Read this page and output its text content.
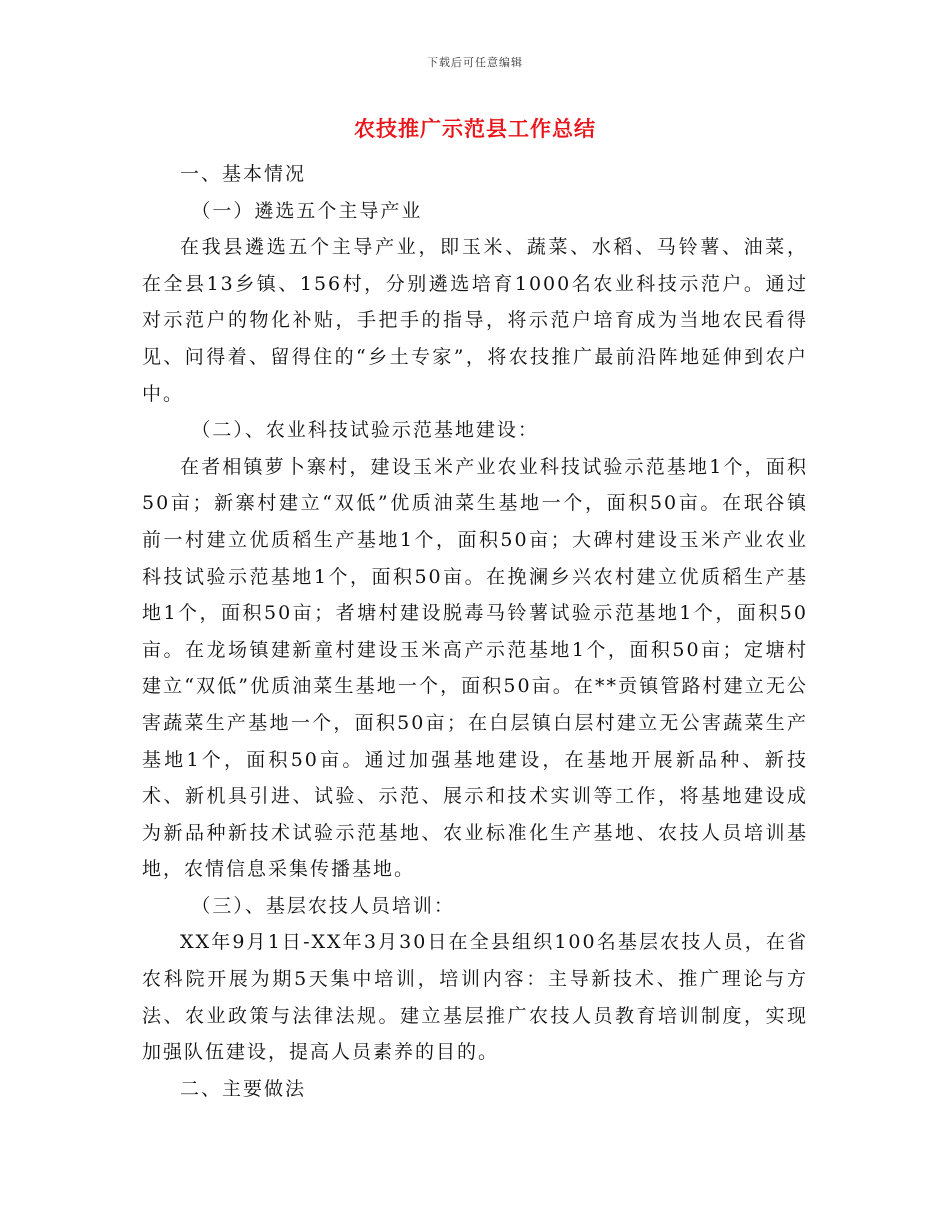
下载后可任意编辑
农技推广示范县工作总结

一、基本情况

（一）遴选五个主导产业

在我县遴选五个主导产业，即玉米、蔬菜、水稻、马铃薯、油菜，在全县13乡镇、156村，分别遴选培育1000名农业科技示范户。通过对示范户的物化补贴，手把手的指导，将示范户培育成为当地农民看得见、问得着、留得住的“乡土专家”，将农技推广最前沿阵地延伸到农户中。

（二）、农业科技试验示范基地建设：

在者相镇萝卜寨村，建设玉米产业农业科技试验示范基地1个，面积50亩；新寨村建立“双低”优质油菜生基地一个，面积50亩。在珉谷镇前一村建立优质稻生产基地1个，面积50亩；大碑村建设玉米产业农业科技试验示范基地1个，面积50亩。在挽澜乡兴农村建立优质稻生产基地1个，面积50亩；者塘村建设脱毒马铃薯试验示范基地1个，面积50亩。在龙场镇建新童村建设玉米高产示范基地1个，面积50亩；定塘村建立“双低”优质油菜生基地一个，面积50亩。在**贡镇管路村建立无公害蔬菜生产基地一个，面积50亩；在白层镇白层村建立无公害蔬菜生产基地1个，面积50亩。通过加强基地建设，在基地开展新品种、新技术、新机具引进、试验、示范、展示和技术实训等工作，将基地建设成为新品种新技术试验示范基地、农业标准化生产基地、农技人员培训基地，农情信息采集传播基地。

（三）、基层农技人员培训：

XX年9月1日-XX年3月30日在全县组织100名基层农技人员，在省农科院开展为期5天集中培训，培训内容：主导新技术、推广理论与方法、农业政策与法律法规。建立基层推广农技人员教育培训制度，实现加强队伍建设，提高人员素养的目的。

二、主要做法
